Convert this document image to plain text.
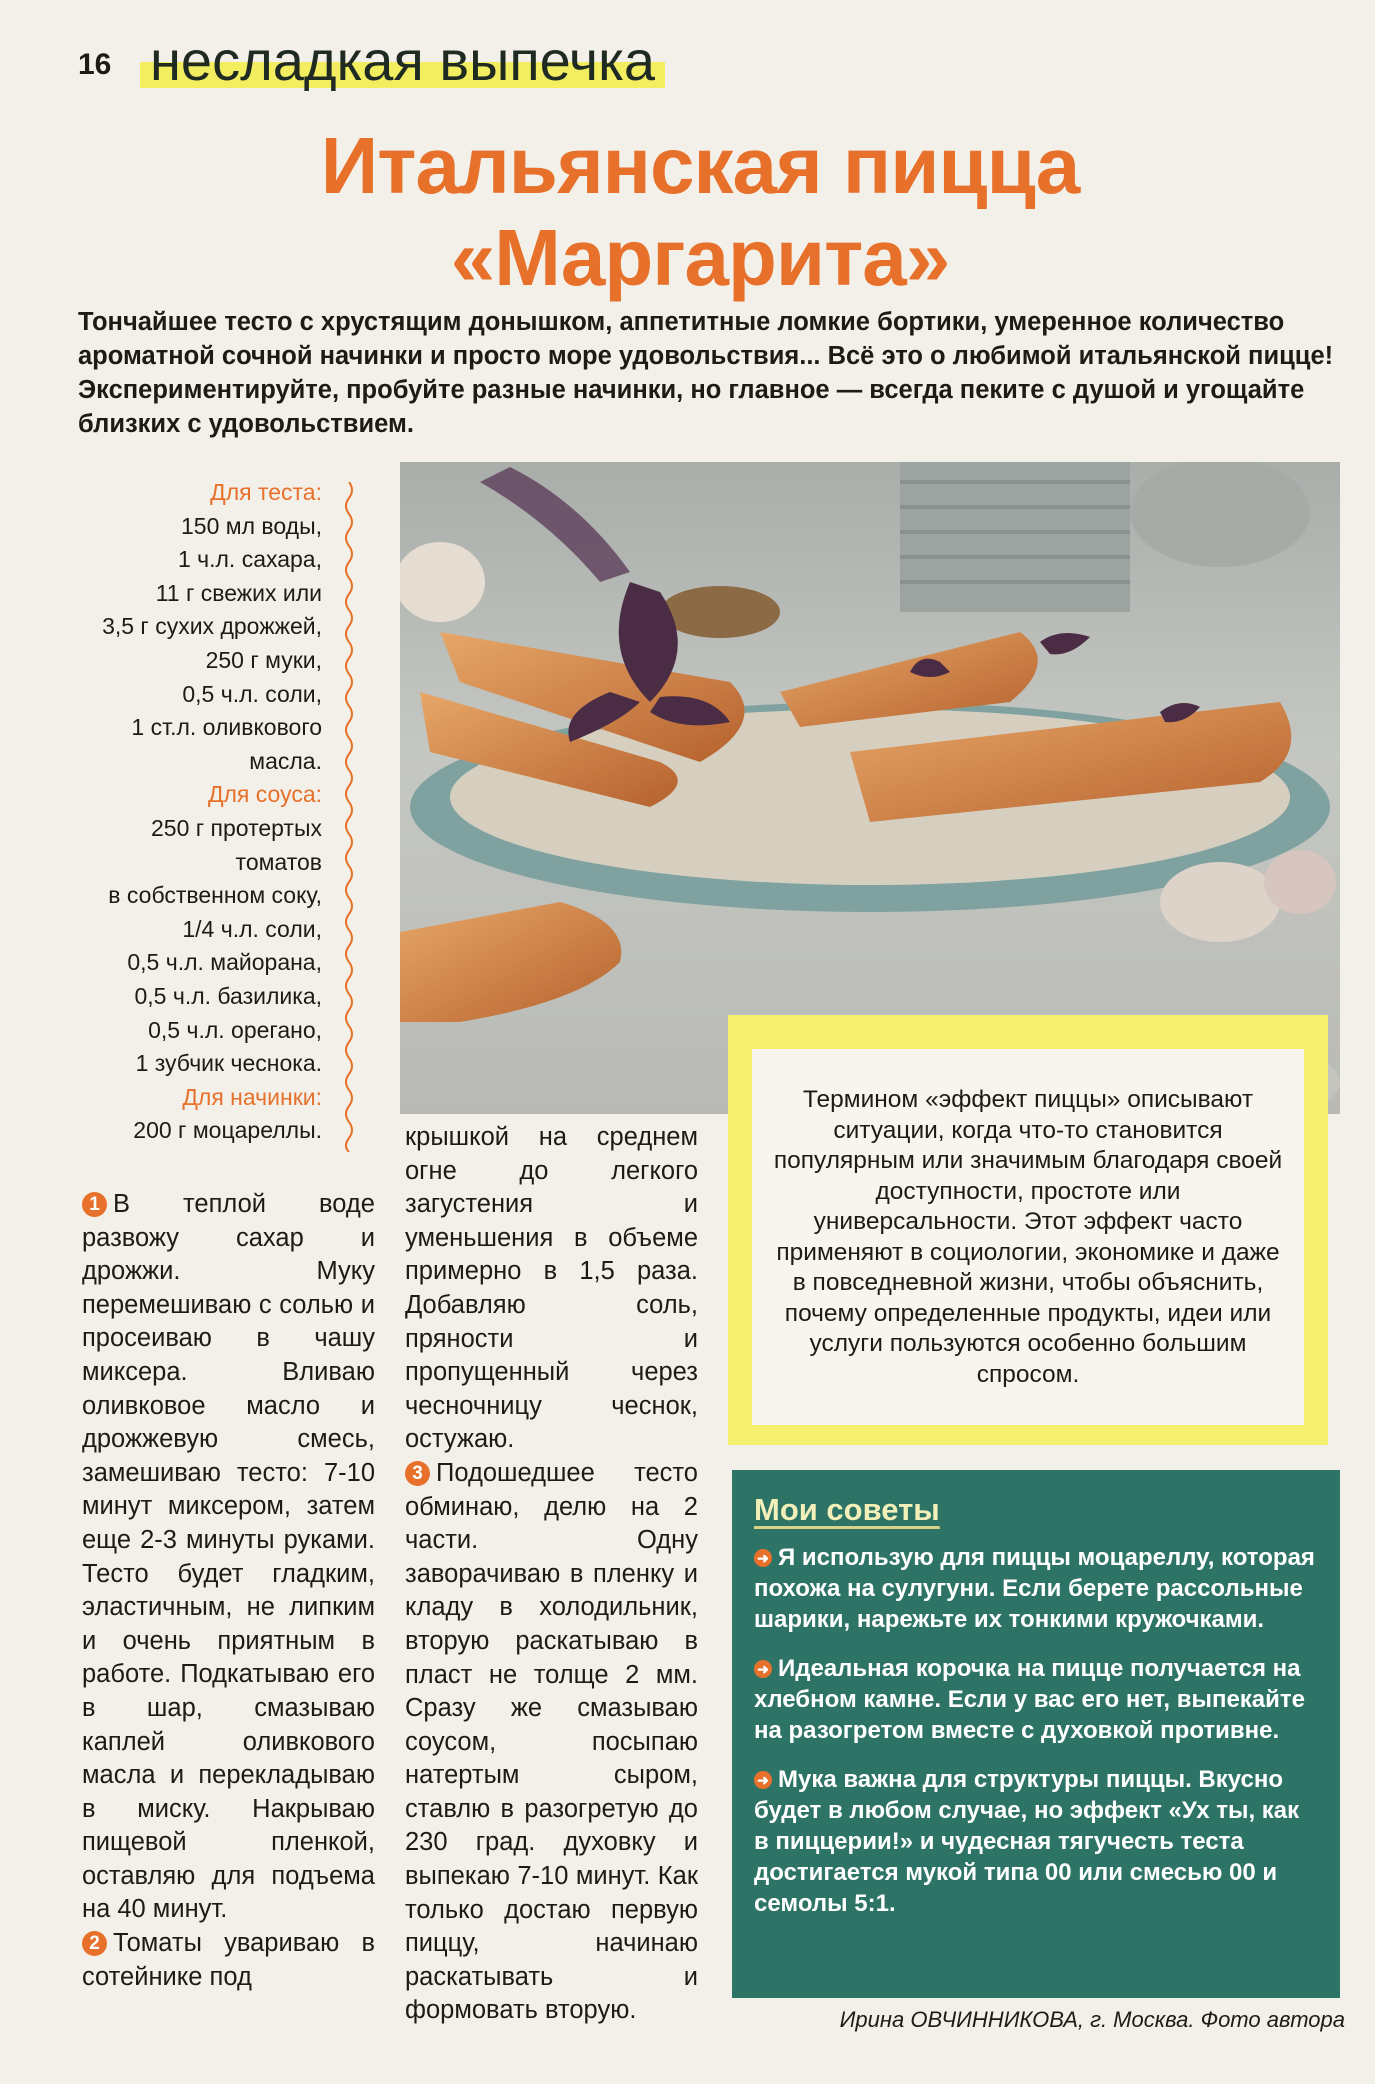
16 несладкая выпечка
Итальянская пицца
«Маргарита»
Тончайшее тесто с хрустящим донышком, аппетитные ломкие бортики, умеренное количество ароматной сочной начинки и просто море удовольствия... Всё это о любимой итальянской пицце! Экспериментируйте, пробуйте разные начинки, но главное — всегда пеките с душой и угощайте близких с удовольствием.
Для теста:
150 мл воды,
1 ч.л. сахара,
11 г свежих или
3,5 г сухих дрожжей,
250 г муки,
0,5 ч.л. соли,
1 ст.л. оливкового
масла.
Для соуса:
250 г протертых
томатов
в собственном соку,
1/4 ч.л. соли,
0,5 ч.л. майорана,
0,5 ч.л. базилика,
0,5 ч.л. орегано,
1 зубчик чеснока.
Для начинки:
200 г моцареллы.
1 В теплой воде развожу сахар и дрожжи. Муку перемешиваю с солью и просеиваю в чашу миксера. Вливаю оливковое масло и дрожжевую смесь, замешиваю тесто: 7-10 минут миксером, затем еще 2-3 минуты руками. Тесто будет гладким, эластичным, не липким и очень приятным в работе. Подкатываю его в шар, смазываю каплей оливкового масла и перекладываю в миску. Накрываю пищевой пленкой, оставляю для подъема на 40 минут.
2 Томаты увариваю в сотейнике под
крышкой на среднем огне до легкого загустения и уменьшения в объеме примерно в 1,5 раза. Добавляю соль, пряности и пропущенный через чесночницу чеснок, остужаю.
3 Подошедшее тесто обминаю, делю на 2 части. Одну заворачиваю в пленку и кладу в холодильник, вторую раскатываю в пласт не толще 2 мм. Сразу же смазываю соусом, посыпаю натертым сыром, ставлю в разогретую до 230 град. духовку и выпекаю 7-10 минут. Как только достаю первую пиццу, начинаю раскатывать и формовать вторую.
Термином «эффект пиццы» описывают ситуации, когда что-то становится популярным или значимым благодаря своей доступности, простоте или универсальности. Этот эффект часто применяют в социологии, экономике и даже в повседневной жизни, чтобы объяснить, почему определенные продукты, идеи или услуги пользуются особенно большим спросом.
Мои советы
➜ Я использую для пиццы моцареллу, которая похожа на сулугуни. Если берете рассольные шарики, нарежьте их тонкими кружочками.
➜ Идеальная корочка на пицце получается на хлебном камне. Если у вас его нет, выпекайте на разогретом вместе с духовкой противне.
➜ Мука важна для структуры пиццы. Вкусно будет в любом случае, но эффект «Ух ты, как в пиццерии!» и чудесная тягучесть теста достигается мукой типа 00 или смесью 00 и семолы 5:1.
Ирина ОВЧИННИКОВА, г. Москва. Фото автора
